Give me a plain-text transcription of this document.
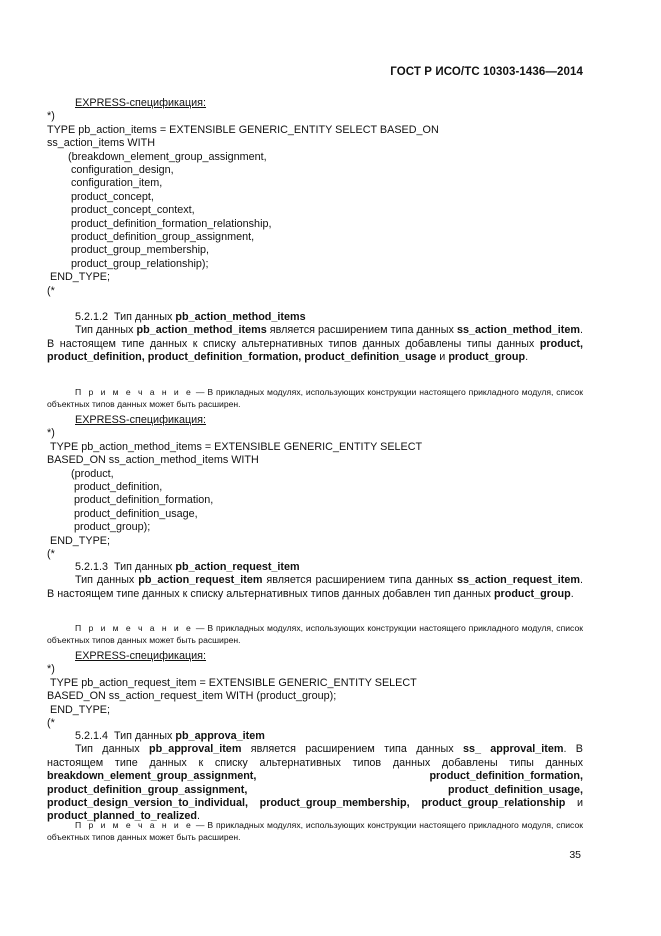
ГОСТ Р ИСО/ТС 10303-1436—2014
EXPRESS-спецификация:
*)
TYPE pb_action_items = EXTENSIBLE GENERIC_ENTITY SELECT BASED_ON
ss_action_items WITH
(breakdown_element_group_assignment,
configuration_design,
configuration_item,
product_concept,
product_concept_context,
product_definition_formation_relationship,
product_definition_group_assignment,
product_group_membership,
product_group_relationship);
END_TYPE;
(*
5.2.1.2 Тип данных pb_action_method_items
Тип данных pb_action_method_items является расширением типа данных ss_action_method_item. В настоящем типе данных к списку альтернативных типов данных добавлены типы данных product, product_definition, product_definition_formation, product_definition_usage и product_group.
П р и м е ч а н и е — В прикладных модулях, использующих конструкции настоящего прикладного модуля, список объектных типов данных может быть расширен.
EXPRESS-спецификация:
*)
TYPE pb_action_method_items = EXTENSIBLE GENERIC_ENTITY SELECT
BASED_ON ss_action_method_items WITH
(product,
product_definition,
product_definition_formation,
product_definition_usage,
product_group);
END_TYPE;
(*
5.2.1.3 Тип данных pb_action_request_item
Тип данных pb_action_request_item является расширением типа данных ss_action_request_item. В настоящем типе данных к списку альтернативных типов данных добавлен тип данных product_group.
П р и м е ч а н и е — В прикладных модулях, использующих конструкции настоящего прикладного модуля, список объектных типов данных может быть расширен.
EXPRESS-спецификация:
*)
TYPE pb_action_request_item = EXTENSIBLE GENERIC_ENTITY SELECT
BASED_ON ss_action_request_item WITH (product_group);
END_TYPE;
(*
5.2.1.4 Тип данных pb_approva_item
Тип данных pb_approval_item является расширением типа данных ss_ approval_item. В настоящем типе данных к списку альтернативных типов данных добавлены типы данных breakdown_element_group_assignment, product_definition_formation, product_definition_group_assignment, product_definition_usage, product_design_version_to_individual, product_group_membership, product_group_relationship и product_planned_to_realized.
П р и м е ч а н и е — В прикладных модулях, использующих конструкции настоящего прикладного модуля, список объектных типов данных может быть расширен.
35
